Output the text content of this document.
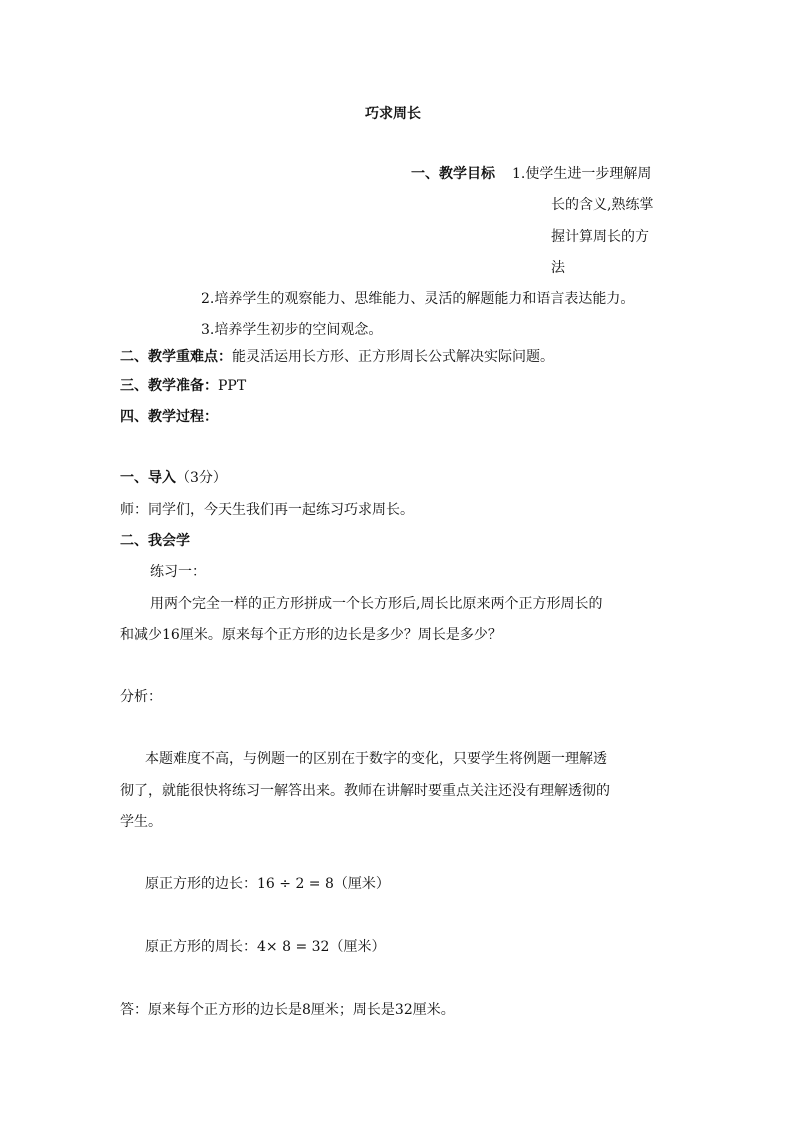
巧求周长
一、教学目标 1.使学生进一步理解周
长的含义,熟练掌
握计算周长的方
法
2.培养学生的观察能力、思维能力、灵活的解题能力和语言表达能力。
3.培养学生初步的空间观念。
二、教学重难点：能灵活运用长方形、正方形周长公式解决实际问题。
三、教学准备：PPT
四、教学过程：
一、导入（3分）
师：同学们，今天生我们再一起练习巧求周长。
二、我会学
练习一：
用两个完全一样的正方形拼成一个长方形后,周长比原来两个正方形周长的
和减少16厘米。原来每个正方形的边长是多少？周长是多少？
分析：
本题难度不高，与例题一的区别在于数字的变化，只要学生将例题一理解透
彻了，就能很快将练习一解答出来。教师在讲解时要重点关注还没有理解透彻的
学生。
原正方形的边长：16 ÷ 2 = 8（厘米）
原正方形的周长：4× 8 = 32（厘米）
答：原来每个正方形的边长是8厘米；周长是32厘米。
